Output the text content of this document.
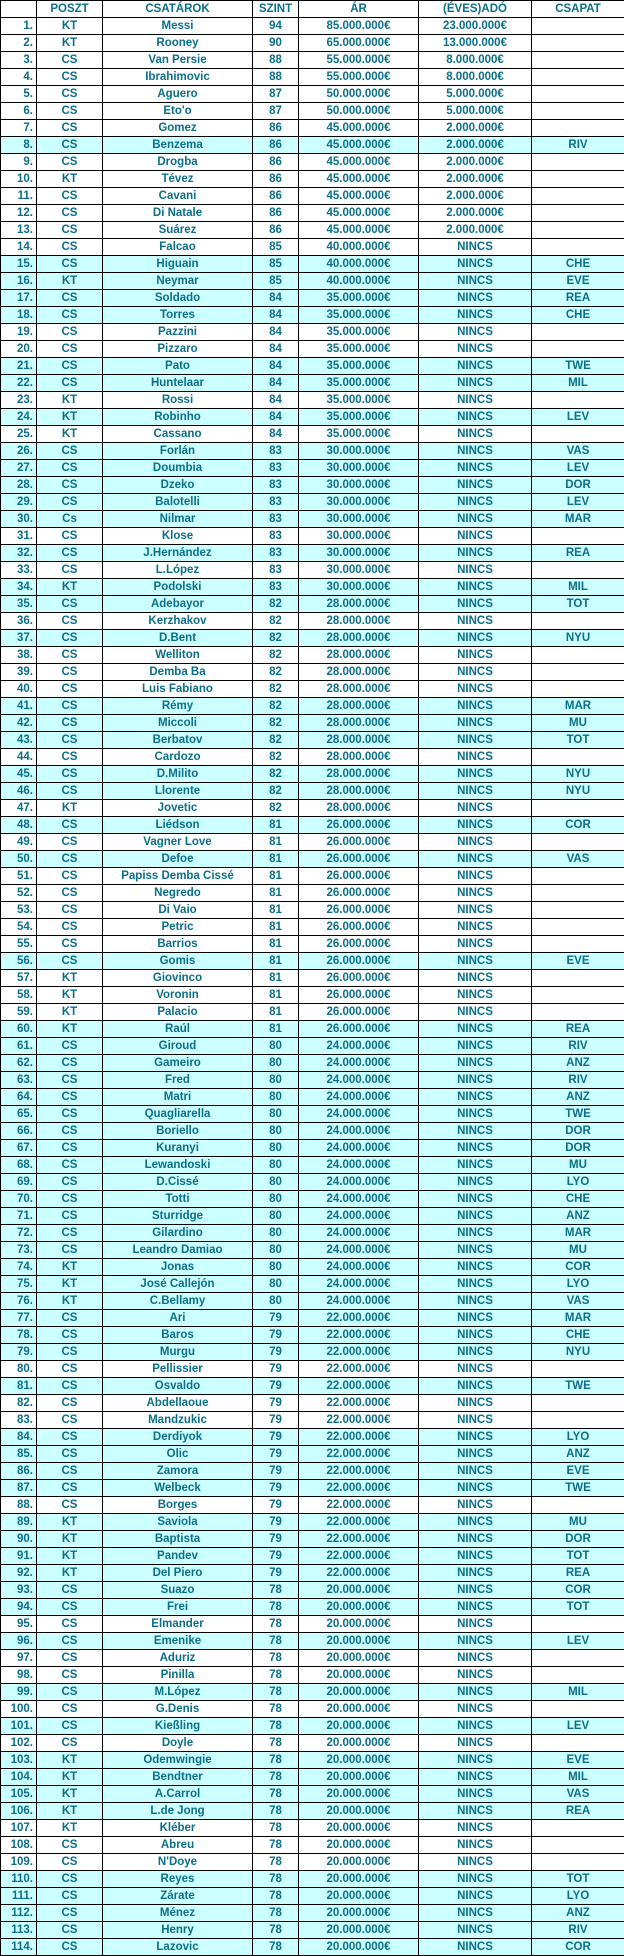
	POSZT	CSATÁROK	SZINT	ÁR	(ÉVES)ADÓ	CSAPAT
1.	KT	Messi	94	85.000.000€	23.000.000€	
2.	KT	Rooney	90	65.000.000€	13.000.000€	
3.	CS	Van Persie	88	55.000.000€	8.000.000€	
4.	CS	Ibrahimovic	88	55.000.000€	8.000.000€	
5.	CS	Aguero	87	50.000.000€	5.000.000€	
6.	CS	Eto'o	87	50.000.000€	5.000.000€	
7.	CS	Gomez	86	45.000.000€	2.000.000€	
8.	CS	Benzema	86	45.000.000€	2.000.000€	RIV
9.	CS	Drogba	86	45.000.000€	2.000.000€	
10.	KT	Tévez	86	45.000.000€	2.000.000€	
11.	CS	Cavani	86	45.000.000€	2.000.000€	
12.	CS	Di Natale	86	45.000.000€	2.000.000€	
13.	CS	Suárez	86	45.000.000€	2.000.000€	
14.	CS	Falcao	85	40.000.000€	NINCS	
15.	CS	Higuain	85	40.000.000€	NINCS	CHE
16.	KT	Neymar	85	40.000.000€	NINCS	EVE
17.	CS	Soldado	84	35.000.000€	NINCS	REA
18.	CS	Torres	84	35.000.000€	NINCS	CHE
19.	CS	Pazzini	84	35.000.000€	NINCS	
20.	CS	Pizzaro	84	35.000.000€	NINCS	
21.	CS	Pato	84	35.000.000€	NINCS	TWE
22.	CS	Huntelaar	84	35.000.000€	NINCS	MIL
23.	KT	Rossi	84	35.000.000€	NINCS	
24.	KT	Robinho	84	35.000.000€	NINCS	LEV
25.	KT	Cassano	84	35.000.000€	NINCS	
26.	CS	Forlán	83	30.000.000€	NINCS	VAS
27.	CS	Doumbia	83	30.000.000€	NINCS	LEV
28.	CS	Dzeko	83	30.000.000€	NINCS	DOR
29.	CS	Balotelli	83	30.000.000€	NINCS	LEV
30.	Cs	Nilmar	83	30.000.000€	NINCS	MAR
31.	CS	Klose	83	30.000.000€	NINCS	
32.	CS	J.Hernández	83	30.000.000€	NINCS	REA
33.	CS	L.López	83	30.000.000€	NINCS	
34.	KT	Podolski	83	30.000.000€	NINCS	MIL
35.	CS	Adebayor	82	28.000.000€	NINCS	TOT
36.	CS	Kerzhakov	82	28.000.000€	NINCS	
37.	CS	D.Bent	82	28.000.000€	NINCS	NYU
38.	CS	Welliton	82	28.000.000€	NINCS	
39.	CS	Demba Ba	82	28.000.000€	NINCS	
40.	CS	Luis Fabiano	82	28.000.000€	NINCS	
41.	CS	Rémy	82	28.000.000€	NINCS	MAR
42.	CS	Miccoli	82	28.000.000€	NINCS	MU
43.	CS	Berbatov	82	28.000.000€	NINCS	TOT
44.	CS	Cardozo	82	28.000.000€	NINCS	
45.	CS	D.Milito	82	28.000.000€	NINCS	NYU
46.	CS	Llorente	82	28.000.000€	NINCS	NYU
47.	KT	Jovetic	82	28.000.000€	NINCS	
48.	CS	Liédson	81	26.000.000€	NINCS	COR
49.	CS	Vagner Love	81	26.000.000€	NINCS	
50.	CS	Defoe	81	26.000.000€	NINCS	VAS
51.	CS	Papiss Demba Cissé	81	26.000.000€	NINCS	
52.	CS	Negredo	81	26.000.000€	NINCS	
53.	CS	Di Vaio	81	26.000.000€	NINCS	
54.	CS	Petric	81	26.000.000€	NINCS	
55.	CS	Barrios	81	26.000.000€	NINCS	
56.	CS	Gomis	81	26.000.000€	NINCS	EVE
57.	KT	Giovinco	81	26.000.000€	NINCS	
58.	KT	Voronin	81	26.000.000€	NINCS	
59.	KT	Palacio	81	26.000.000€	NINCS	
60.	KT	Raúl	81	26.000.000€	NINCS	REA
61.	CS	Giroud	80	24.000.000€	NINCS	RIV
62.	CS	Gameiro	80	24.000.000€	NINCS	ANZ
63.	CS	Fred	80	24.000.000€	NINCS	RIV
64.	CS	Matri	80	24.000.000€	NINCS	ANZ
65.	CS	Quagliarella	80	24.000.000€	NINCS	TWE
66.	CS	Boriello	80	24.000.000€	NINCS	DOR
67.	CS	Kuranyi	80	24.000.000€	NINCS	DOR
68.	CS	Lewandoski	80	24.000.000€	NINCS	MU
69.	CS	D.Cissé	80	24.000.000€	NINCS	LYO
70.	CS	Totti	80	24.000.000€	NINCS	CHE
71.	CS	Sturridge	80	24.000.000€	NINCS	ANZ
72.	CS	Gilardino	80	24.000.000€	NINCS	MAR
73.	CS	Leandro Damiao	80	24.000.000€	NINCS	MU
74.	KT	Jonas	80	24.000.000€	NINCS	COR
75.	KT	José Callejón	80	24.000.000€	NINCS	LYO
76.	KT	C.Bellamy	80	24.000.000€	NINCS	VAS
77.	CS	Ari	79	22.000.000€	NINCS	MAR
78.	CS	Baros	79	22.000.000€	NINCS	CHE
79.	CS	Murgu	79	22.000.000€	NINCS	NYU
80.	CS	Pellissier	79	22.000.000€	NINCS	
81.	CS	Osvaldo	79	22.000.000€	NINCS	TWE
82.	CS	Abdellaoue	79	22.000.000€	NINCS	
83.	CS	Mandzukic	79	22.000.000€	NINCS	
84.	CS	Derdiyok	79	22.000.000€	NINCS	LYO
85.	CS	Olic	79	22.000.000€	NINCS	ANZ
86.	CS	Zamora	79	22.000.000€	NINCS	EVE
87.	CS	Welbeck	79	22.000.000€	NINCS	TWE
88.	CS	Borges	79	22.000.000€	NINCS	
89.	KT	Saviola	79	22.000.000€	NINCS	MU
90.	KT	Baptista	79	22.000.000€	NINCS	DOR
91.	KT	Pandev	79	22.000.000€	NINCS	TOT
92.	KT	Del Piero	79	22.000.000€	NINCS	REA
93.	CS	Suazo	78	20.000.000€	NINCS	COR
94.	CS	Frei	78	20.000.000€	NINCS	TOT
95.	CS	Elmander	78	20.000.000€	NINCS	
96.	CS	Emenike	78	20.000.000€	NINCS	LEV
97.	CS	Aduriz	78	20.000.000€	NINCS	
98.	CS	Pinilla	78	20.000.000€	NINCS	
99.	CS	M.López	78	20.000.000€	NINCS	MIL
100.	CS	G.Denis	78	20.000.000€	NINCS	
101.	CS	Kießling	78	20.000.000€	NINCS	LEV
102.	CS	Doyle	78	20.000.000€	NINCS	
103.	KT	Odemwingie	78	20.000.000€	NINCS	EVE
104.	KT	Bendtner	78	20.000.000€	NINCS	MIL
105.	KT	A.Carrol	78	20.000.000€	NINCS	VAS
106.	KT	L.de Jong	78	20.000.000€	NINCS	REA
107.	KT	Kléber	78	20.000.000€	NINCS	
108.	CS	Abreu	78	20.000.000€	NINCS	
109.	CS	N'Doye	78	20.000.000€	NINCS	
110.	CS	Reyes	78	20.000.000€	NINCS	TOT
111.	CS	Zárate	78	20.000.000€	NINCS	LYO
112.	CS	Ménez	78	20.000.000€	NINCS	ANZ
113.	CS	Henry	78	20.000.000€	NINCS	RIV
114.	CS	Lazovic	78	20.000.000€	NINCS	COR
